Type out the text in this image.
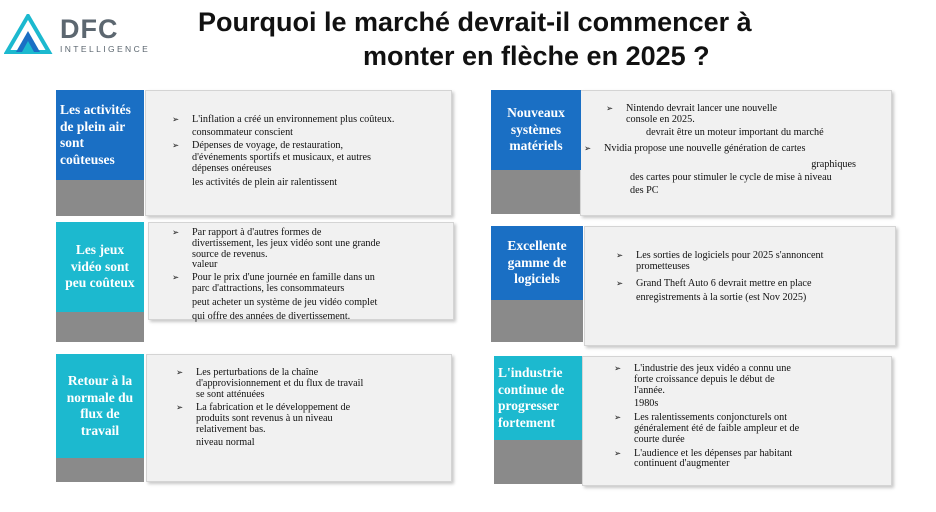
DFC
INTELLIGENCE
Pourquoi le marché devrait-il commencer à
monter en flèche en 2025 ?
Les activités de plein air sont coûteuses
➢ L'inflation a créé un environnement plus coûteux.
consommateur conscient
➢ Dépenses de voyage, de restauration,
d'événements sportifs et musicaux, et autres
dépenses onéreuses
les activités de plein air ralentissent
Les jeux vidéo sont peu coûteux
➢ Par rapport à d'autres formes de
divertissement, les jeux vidéo sont une grande
source de revenus.
valeur
➢ Pour le prix d'une journée en famille dans un
parc d'attractions, les consommateurs
peut acheter un système de jeu vidéo complet
qui offre des années de divertissement.
Retour à la normale du flux de travail
➢ Les perturbations de la chaîne
d'approvisionnement et du flux de travail
se sont atténuées
➢ La fabrication et le développement de
produits sont revenus à un niveau
relativement bas.
niveau normal
Nouveaux systèmes matériels
➢ Nintendo devrait lancer une nouvelle
console en 2025.
devrait être un moteur important du marché
➢ Nvidia propose une nouvelle génération de cartes
graphiques
des cartes pour stimuler le cycle de mise à niveau
des PC
Excellente gamme de logiciels
➢ Les sorties de logiciels pour 2025 s'annoncent
prometteuses
➢ Grand Theft Auto 6 devrait mettre en place
enregistrements à la sortie (est Nov 2025)
L'industrie continue de progresser fortement
➢ L'industrie des jeux vidéo a connu une
forte croissance depuis le début de
l'année.
1980s
➢ Les ralentissements conjoncturels ont
généralement été de faible ampleur et de
courte durée
➢ L'audience et les dépenses par habitant
continuent d'augmenter
